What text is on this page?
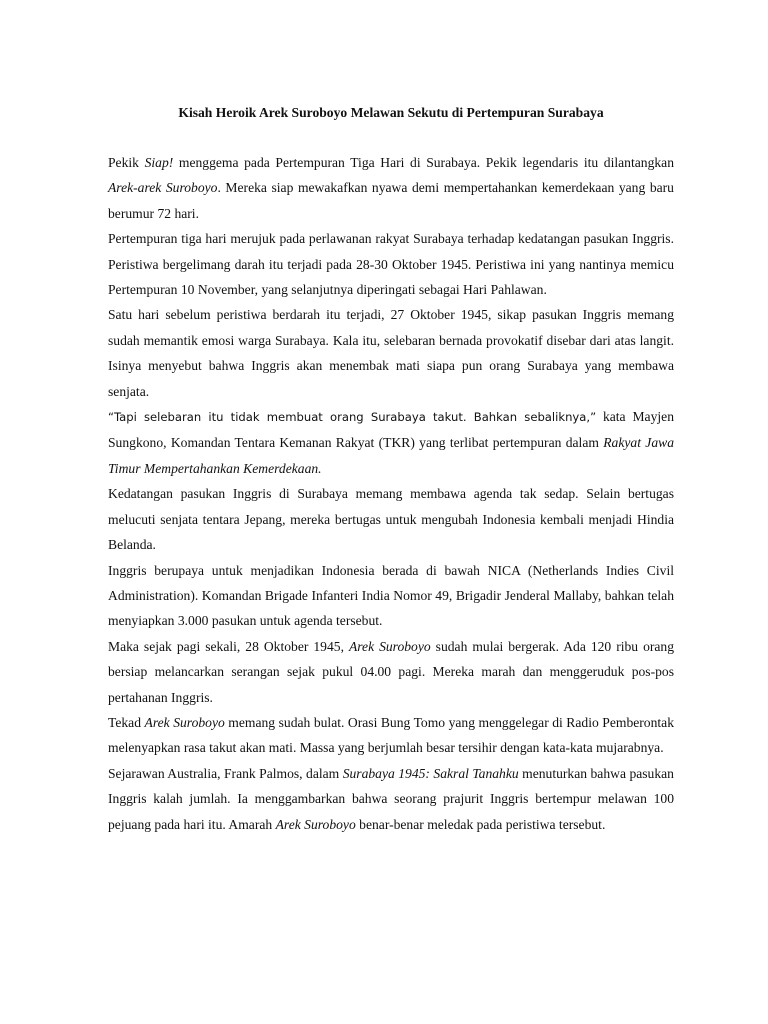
Kisah Heroik Arek Suroboyo Melawan Sekutu di Pertempuran Surabaya

Pekik Siap! menggema pada Pertempuran Tiga Hari di Surabaya. Pekik legendaris itu dilantangkan Arek-arek Suroboyo. Mereka siap mewakafkan nyawa demi mempertahankan kemerdekaan yang baru berumur 72 hari.

Pertempuran tiga hari merujuk pada perlawanan rakyat Surabaya terhadap kedatangan pasukan Inggris. Peristiwa bergelimang darah itu terjadi pada 28-30 Oktober 1945. Peristiwa ini yang nantinya memicu Pertempuran 10 November, yang selanjutnya diperingati sebagai Hari Pahlawan.

Satu hari sebelum peristiwa berdarah itu terjadi, 27 Oktober 1945, sikap pasukan Inggris memang sudah memantik emosi warga Surabaya. Kala itu, selebaran bernada provokatif disebar dari atas langit. Isinya menyebut bahwa Inggris akan menembak mati siapa pun orang Surabaya yang membawa senjata.

“Tapi selebaran itu tidak membuat orang Surabaya takut. Bahkan sebaliknya,” kata Mayjen Sungkono, Komandan Tentara Kemanan Rakyat (TKR) yang terlibat pertempuran dalam Rakyat Jawa Timur Mempertahankan Kemerdekaan.

Kedatangan pasukan Inggris di Surabaya memang membawa agenda tak sedap. Selain bertugas melucuti senjata tentara Jepang, mereka bertugas untuk mengubah Indonesia kembali menjadi Hindia Belanda.

Inggris berupaya untuk menjadikan Indonesia berada di bawah NICA (Netherlands Indies Civil Administration). Komandan Brigade Infanteri India Nomor 49, Brigadir Jenderal Mallaby, bahkan telah menyiapkan 3.000 pasukan untuk agenda tersebut.

Maka sejak pagi sekali, 28 Oktober 1945, Arek Suroboyo sudah mulai bergerak. Ada 120 ribu orang bersiap melancarkan serangan sejak pukul 04.00 pagi. Mereka marah dan menggeruduk pos-pos pertahanan Inggris.

Tekad Arek Suroboyo memang sudah bulat. Orasi Bung Tomo yang menggelegar di Radio Pemberontak melenyapkan rasa takut akan mati. Massa yang berjumlah besar tersihir dengan kata-kata mujarabnya.

Sejarawan Australia, Frank Palmos, dalam Surabaya 1945: Sakral Tanahku menuturkan bahwa pasukan Inggris kalah jumlah. Ia menggambarkan bahwa seorang prajurit Inggris bertempur melawan 100 pejuang pada hari itu. Amarah Arek Suroboyo benar-benar meledak pada peristiwa tersebut.
